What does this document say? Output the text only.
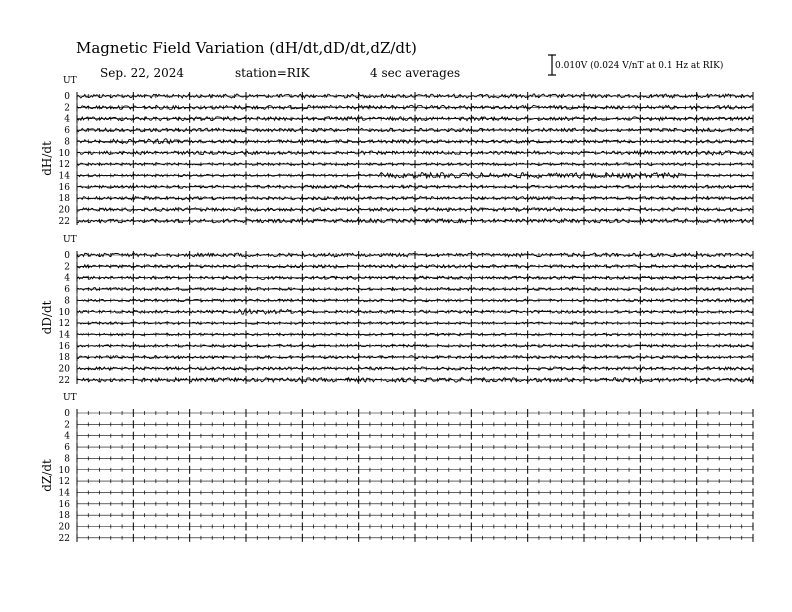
Magnetic Field Variation (dH/dt,dD/dt,dZ/dt)
Sep. 22, 2024	station=RIK	4 sec averages	0.010V (0.024 V/nT at 0.1 Hz at RIK)
UT
dH/dt
0
2
4
6
8
10
12
14
16
18
20
22
UT
dD/dt
0
2
4
6
8
10
12
14
16
18
20
22
UT
dZ/dt
0
2
4
6
8
10
12
14
16
18
20
22
